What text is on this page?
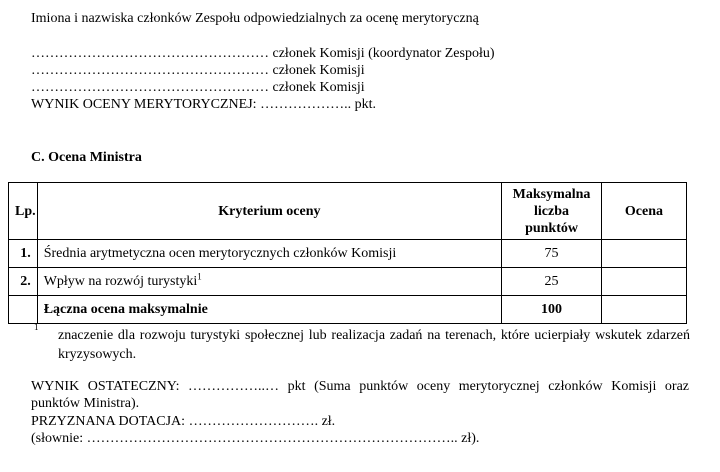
Imiona i nazwiska członków Zespołu odpowiedzialnych za ocenę merytoryczną
…………………………………………… członek Komisji (koordynator Zespołu)
…………………………………………… członek Komisji
…………………………………………… członek Komisji
WYNIK OCENY MERYTORYCZNEJ: ……………….. pkt.
C. Ocena Ministra
Lp.	Kryterium oceny	Maksymalna
liczba
punktów	Ocena
1.	Średnia arytmetyczna ocen merytorycznych członków Komisji	75	
2.	Wpływ na rozwój turystyki$^1$	25	
	Łączna ocena maksymalnie	100	
1
znaczenie dla rozwoju turystyki społecznej lub realizacja zadań na terenach, które ucierpiały wskutek zdarzeń kryzysowych.
WYNIK OSTATECZNY: ……………..… pkt (Suma punktów oceny merytorycznej członków Komisji oraz punktów Ministra).
PRZYZNANA DOTACJA: ………………………. zł.
(słownie: …………………………………………………………………….. zł).
